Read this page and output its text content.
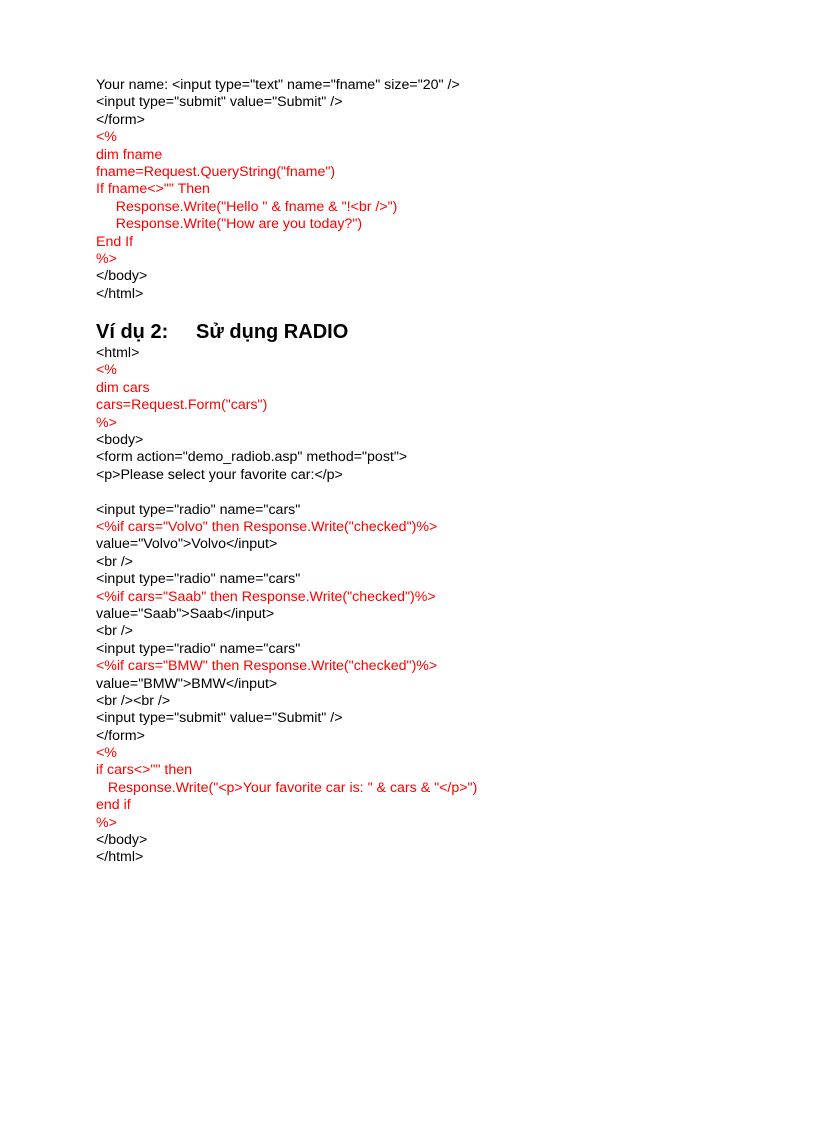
Your name: <input type="text" name="fname" size="20" />
<input type="submit" value="Submit" />
</form>
<%
dim fname
fname=Request.QueryString("fname")
If fname<>"" Then
Response.Write("Hello " & fname & "!<br />")
Response.Write("How are you today?")
End If
%>
</body>
</html>
Ví dụ 2: Sử dụng RADIO
<html>
<%
dim cars
cars=Request.Form("cars")
%>
<body>
<form action="demo_radiob.asp" method="post">
<p>Please select your favorite car:</p>
<input type="radio" name="cars"
<%if cars="Volvo" then Response.Write("checked")%>
value="Volvo">Volvo</input>
<br />
<input type="radio" name="cars"
<%if cars="Saab" then Response.Write("checked")%>
value="Saab">Saab</input>
<br />
<input type="radio" name="cars"
<%if cars="BMW" then Response.Write("checked")%>
value="BMW">BMW</input>
<br /><br />
<input type="submit" value="Submit" />
</form>
<%
if cars<>"" then
Response.Write("<p>Your favorite car is: " & cars & "</p>")
end if
%>
</body>
</html>
